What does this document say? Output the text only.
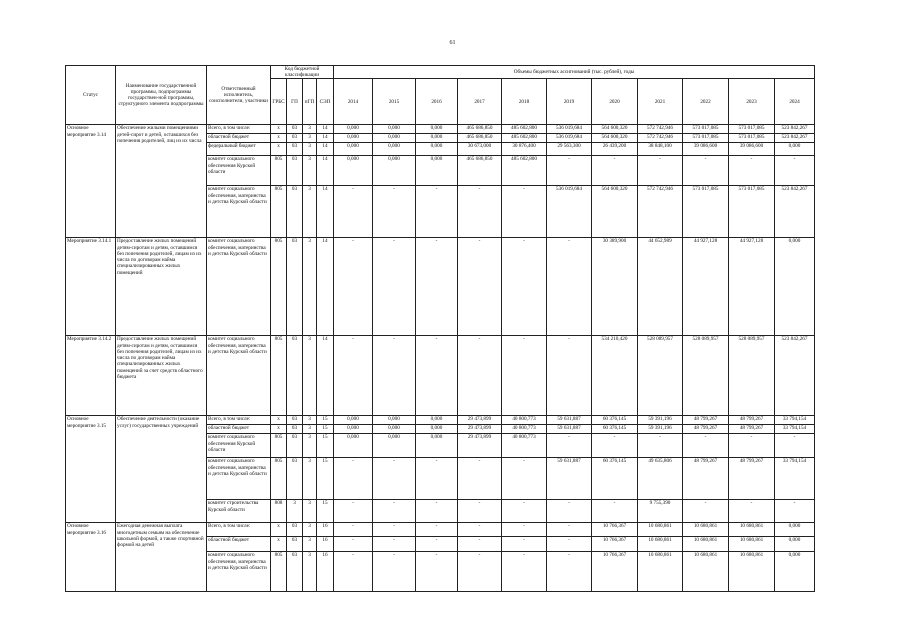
61
Статус	Наименование государственной программы, подпрограммы государствен-ной программы, структурного элемента подпрограммы	Ответственный исполнитель, соисполнители, участники	Код бюджетной классификации				Объемы бюджетных ассигнований (тыс. рублей), годы										
			ГРБС	ГП	пГП	СЭП	2014	2015	2016	2017	2018	2019	2020	2021	2022	2023	2024
Основное мероприятие 3.14	Обеспечение жилыми помещениями детей-сирот и детей, оставшихся без попечения родителей, лиц из их числа	Всего, в том числе:	x	03	3	14	0,000	0,000	0,000	465 686,850	485 602,800	536 019,684	564 600,320	572 742,946	573 017,085	573 017,085	523 842,267
		областной бюджет	x	03	3	14	0,000	0,000	0,000	465 686,850	485 602,800	536 019,684	564 600,320	572 742,946	573 017,085	573 017,085	523 842,267
		федеральный бюджет	x	03	3	14	0,000	0,000	0,000	30 673,000	30 876,400	29 563,300	26 439,200	38 848,100	39 086,600	39 086,600	0,000
		комитет социального обеспечения Курской области	805	03	3	14	0,000	0,000	0,000	465 686,850	485 602,800	-	-	-	-	-	-
		комитет социального обеспечения, материнства и детства Курской области	805	03	3	14	-	-	-	-	-	536 019,684	564 600,320	572 742,946	573 017,085	573 017,085	523 842,267
Мероприятие 3.14.1	Предоставление жилых помещений детям-сиротам и детям, оставшимся без попечения родителей, лицам из их числа по договорам найма специализированных жилых помещений	комитет социального обеспечения, материнства и детства Курской области	805	03	3	14	-	-	-	-	-	-	30 389,900	44 652,989	44 927,128	44 927,128	0,000
Мероприятие 3.14.2	Предоставление жилых помещений детям-сиротам и детям, оставшимся без попечения родителей, лицам из их числа по договорам найма специализированных жилых помещений за счет средств областного бюджета	комитет социального обеспечения, материнства и детства Курской области	805	03	3	14	-	-	-	-	-	-	534 210,420	528 089,957	528 089,957	528 089,957	523 842,267
Основное мероприятие 3.15	Обеспечение деятельности (оказание услуг) государственных учреждений	Всего, в том числе:	x	03	3	15	0,000	0,000	0,000	29 473,899	40 800,773	59 631,887	60 376,145	59 391,196	48 799,267	48 799,267	33 794,154
		областной бюджет	x	03	3	15	0,000	0,000	0,000	29 473,899	40 800,773	59 631,887	60 376,145	59 391,196	48 799,267	48 799,267	33 794,154
		комитет социального обеспечения Курской области	805	03	3	15	0,000	0,000	0,000	29 473,899	40 800,773	-	-	-	-	-	-
		комитет социального обеспечения, материнства и детства Курской области	805	03	3	15	-	-	-	-	-	59 631,887	60 376,145	49 635,806	48 799,267	48 799,267	33 794,154
		комитет строительства Курской области	808	3	3	15	-	-	-	-	-	-	-	9 755,390	-	-	-
Основное мероприятие 3.16	Ежегодная денежная выплата многодетным семьям на обеспечение школьной формой, а также спортивной формой на детей	Всего, в том числе:	x	03	3	16	-	-	-	-	-	-	10 766,367	10 680,861	10 680,861	10 680,861	0,000
		областной бюджет	x	03	3	16	-	-	-	-	-	-	10 766,367	10 680,861	10 680,861	10 680,861	0,000
		комитет социального обеспечения, материнства и детства Курской области	805	03	3	16	-	-	-	-	-	-	10 766,367	10 680,861	10 680,861	10 680,861	0,000
